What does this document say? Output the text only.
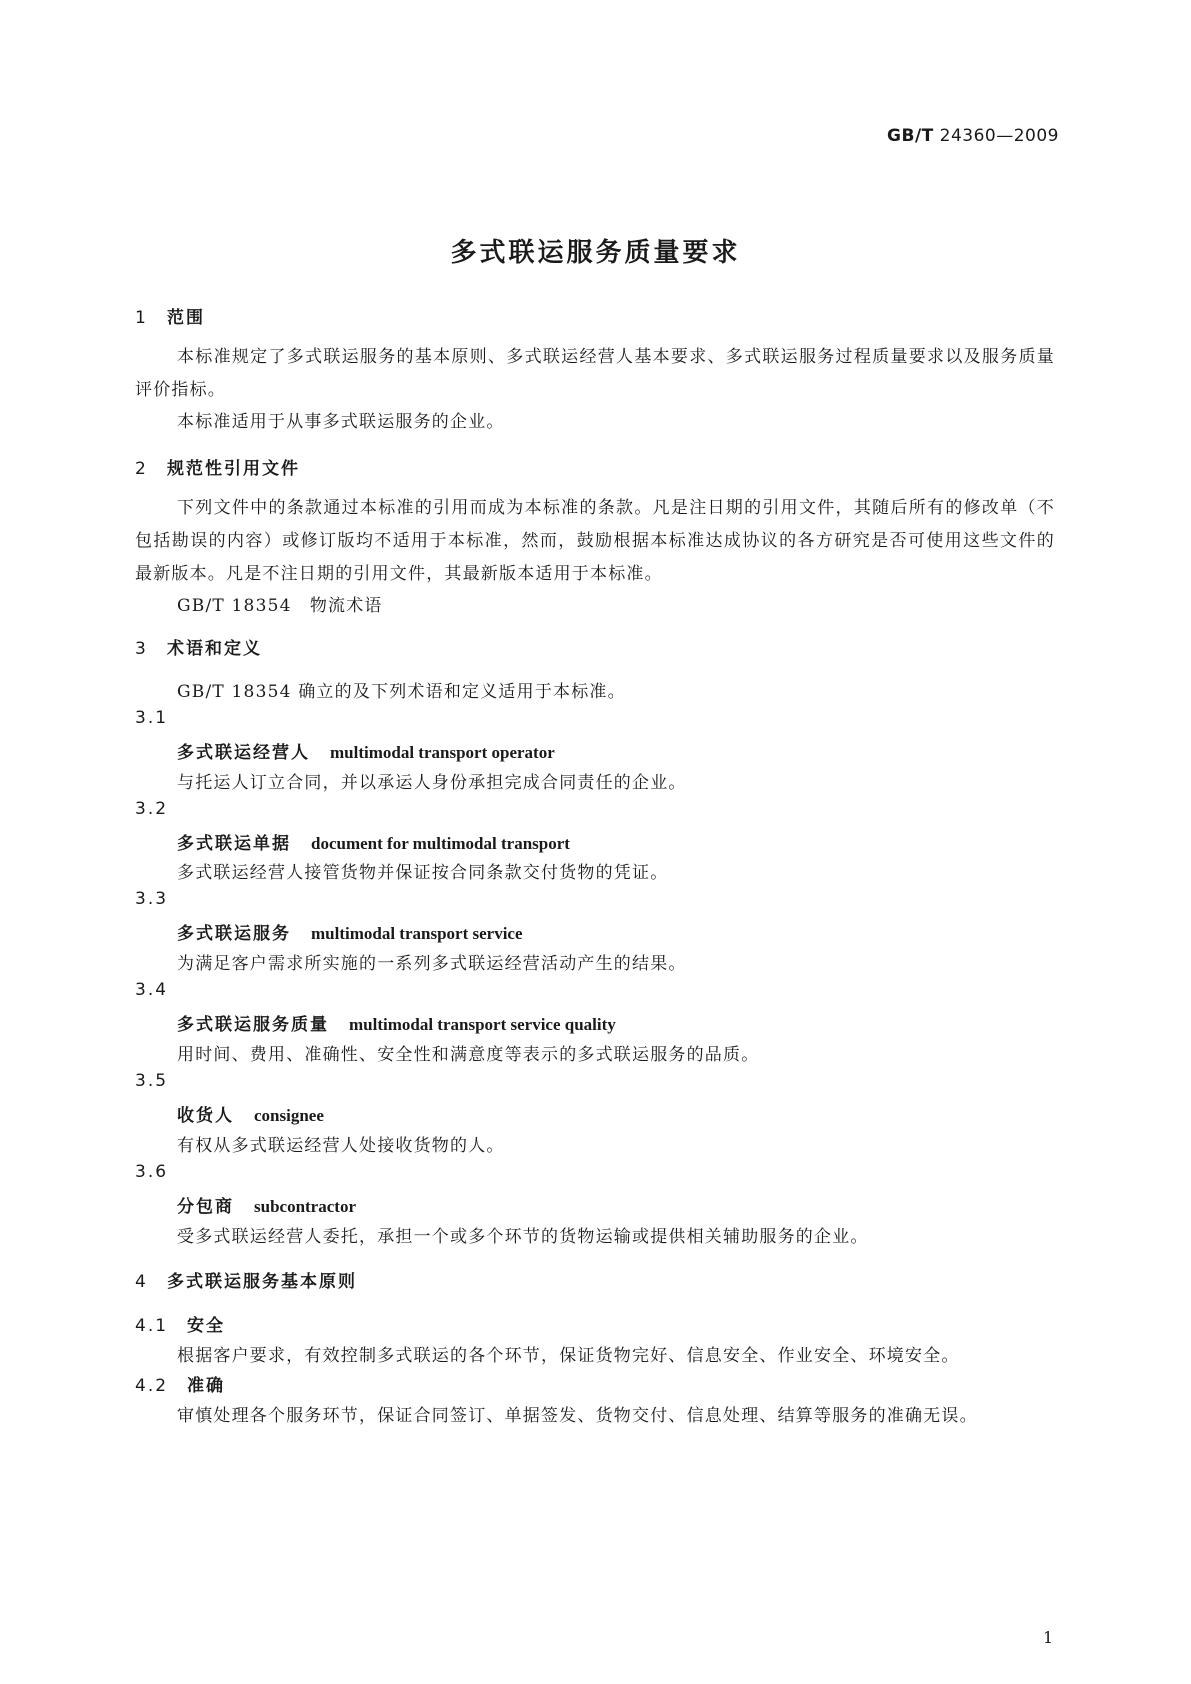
GB/T 24360—2009
多式联运服务质量要求
1 范围
本标准规定了多式联运服务的基本原则、多式联运经营人基本要求、多式联运服务过程质量要求以及服务质量评价指标。
本标准适用于从事多式联运服务的企业。
2 规范性引用文件
下列文件中的条款通过本标准的引用而成为本标准的条款。凡是注日期的引用文件，其随后所有的修改单（不包括勘误的内容）或修订版均不适用于本标准，然而，鼓励根据本标准达成协议的各方研究是否可使用这些文件的最新版本。凡是不注日期的引用文件，其最新版本适用于本标准。
GB/T 18354　物流术语
3 术语和定义
GB/T 18354 确立的及下列术语和定义适用于本标准。
3.1
多式联运经营人 multimodal transport operator
与托运人订立合同，并以承运人身份承担完成合同责任的企业。
3.2
多式联运单据 document for multimodal transport
多式联运经营人接管货物并保证按合同条款交付货物的凭证。
3.3
多式联运服务 multimodal transport service
为满足客户需求所实施的一系列多式联运经营活动产生的结果。
3.4
多式联运服务质量 multimodal transport service quality
用时间、费用、准确性、安全性和满意度等表示的多式联运服务的品质。
3.5
收货人 consignee
有权从多式联运经营人处接收货物的人。
3.6
分包商 subcontractor
受多式联运经营人委托，承担一个或多个环节的货物运输或提供相关辅助服务的企业。
4 多式联运服务基本原则
4.1 安全
根据客户要求，有效控制多式联运的各个环节，保证货物完好、信息安全、作业安全、环境安全。
4.2 准确
审慎处理各个服务环节，保证合同签订、单据签发、货物交付、信息处理、结算等服务的准确无误。
1
